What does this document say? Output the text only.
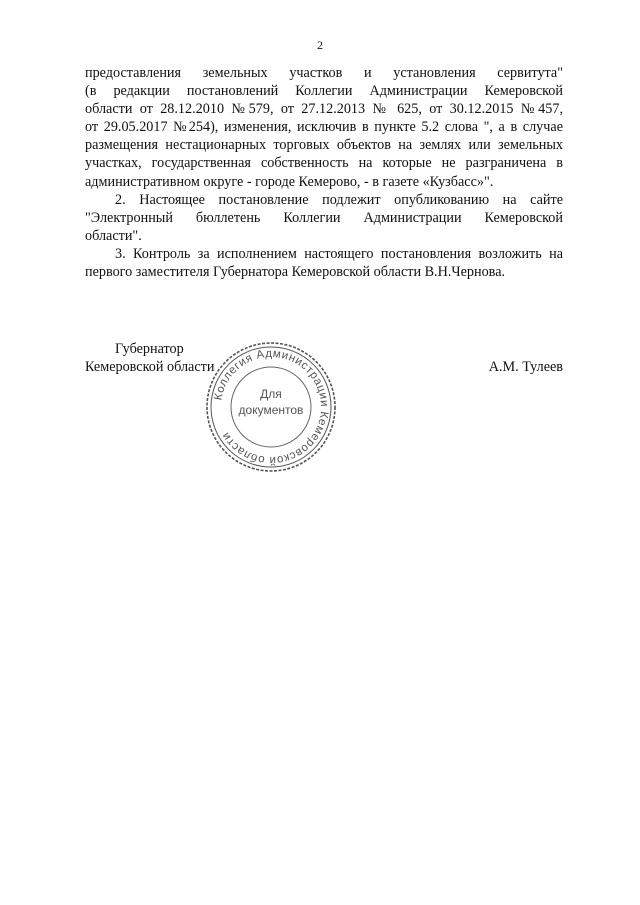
2
предоставления земельных участков и установления сервитута"
(в редакции постановлений Коллегии Администрации Кемеровской
области от 28.12.2010 №579, от 27.12.2013 № 625, от 30.12.2015 №457,
от 29.05.2017 №254), изменения, исключив в пункте 5.2 слова ", а в случае
размещения нестационарных торговых объектов на землях или земельных
участках, государственная собственность на которые не разграничена в
административном округе - городе Кемерово, - в газете «Кузбасс»".
2. Настоящее постановление подлежит опубликованию на сайте
"Электронный бюллетень Коллегии Администрации Кемеровской
области".
3. Контроль за исполнением настоящего постановления возложить на
первого заместителя Губернатора Кемеровской области В.Н.Чернова.
Губернатор
Кемеровской области	А.М. Тулеев
Коллегия Администрации Кемеровской области
Для
документов
